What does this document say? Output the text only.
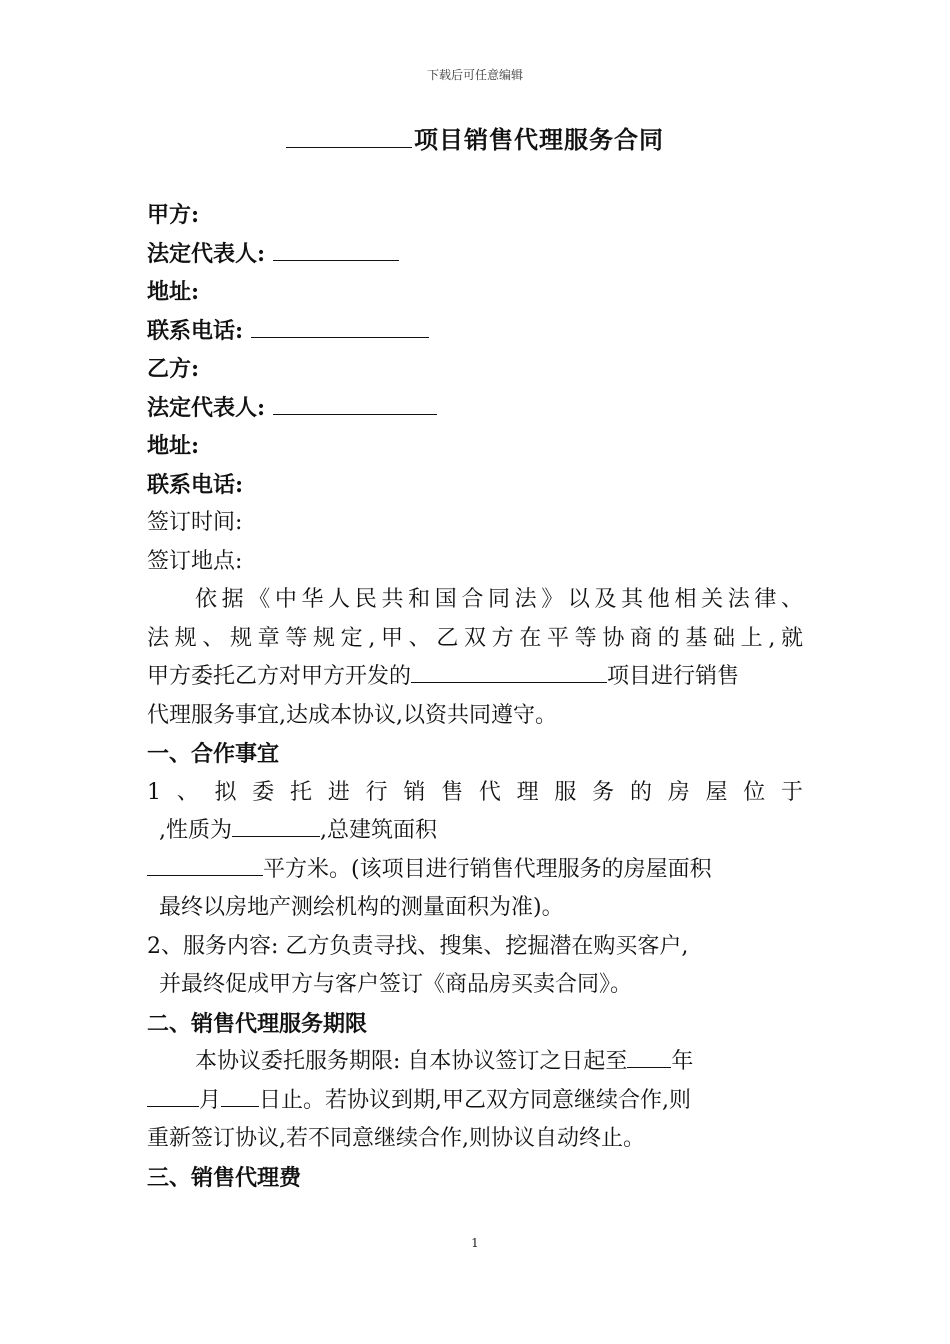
下载后可任意编辑
项目销售代理服务合同
甲方:
法定代表人:
地址:
联系电话:
乙方:
法定代表人:
地址:
联系电话:
签订时间:
签订地点:
依据《中华人民共和国合同法》以及其他相关法律、
法规、规章等规定,甲、乙双方在平等协商的基础上,就
甲方委托乙方对甲方开发的	项目进行销售
代理服务事宜,达成本协议,以资共同遵守。
一、合作事宜
1、拟委托进行销售代理服务的房屋位于
,性质为	,总建筑面积
平方米。(该项目进行销售代理服务的房屋面积
最终以房地产测绘机构的测量面积为准)。
2、服务内容: 乙方负责寻找、搜集、挖掘潜在购买客户,
并最终促成甲方与客户签订《商品房买卖合同》。
二、销售代理服务期限
本协议委托服务期限: 自本协议签订之日起至 年
月 日止。若协议到期,甲乙双方同意继续合作,则
重新签订协议,若不同意继续合作,则协议自动终止。
三、销售代理费
1
